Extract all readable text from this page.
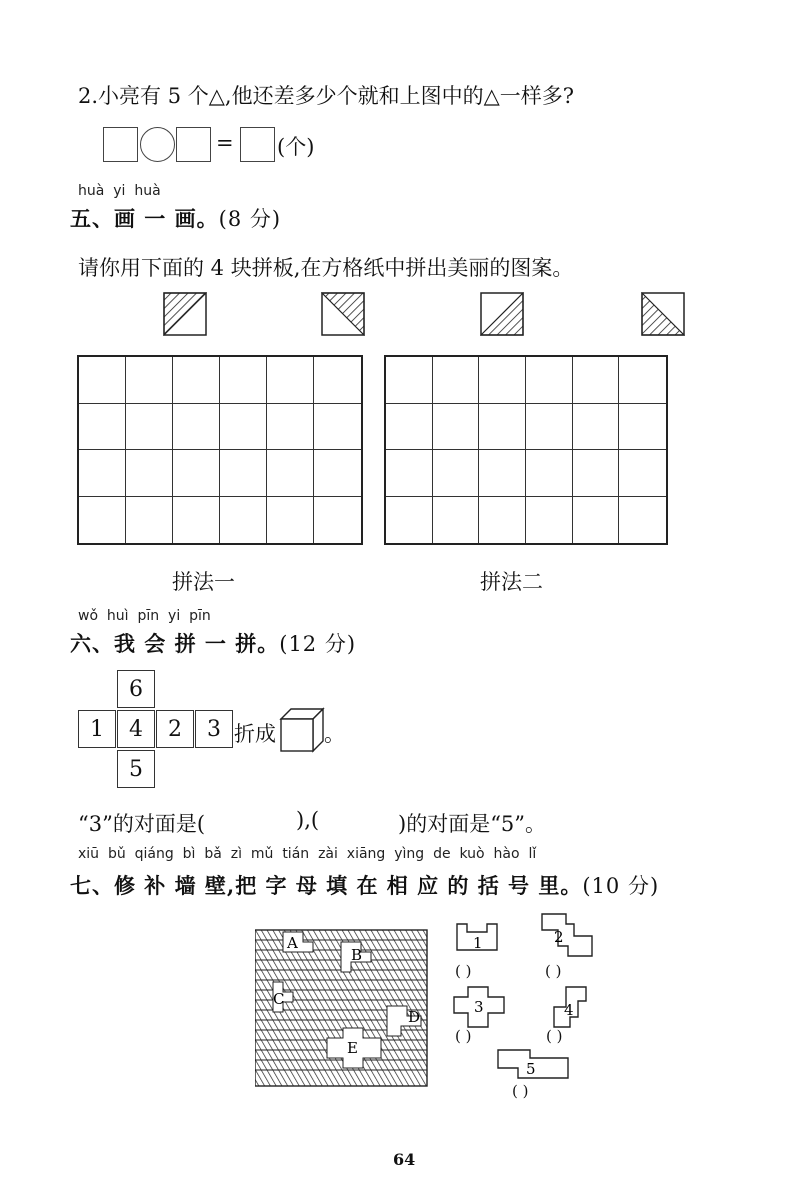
2.小亮有 5 个△,他还差多少个就和上图中的△一样多?
= (个)
huà yi huà
五、画 一 画。(8 分)
请你用下面的 4 块拼板,在方格纸中拼出美丽的图案。
拼法一	拼法二
wǒ huì pīn yi pīn
六、我 会 拼 一 拼。(12 分)
6
1	4	2	3
5
折成 。
“3”的对面是(	),(	)的对面是“5”。
xiū bǔ qiáng bì bǎ zì mǔ tián zài xiāng yìng de kuò hào lǐ
七、修 补 墙 壁,把 字 母 填 在 相 应 的 括 号 里。(10 分)
A
B
C
D
E
1
( )
2
( )
3
( )
4
( )
5
( )
64
